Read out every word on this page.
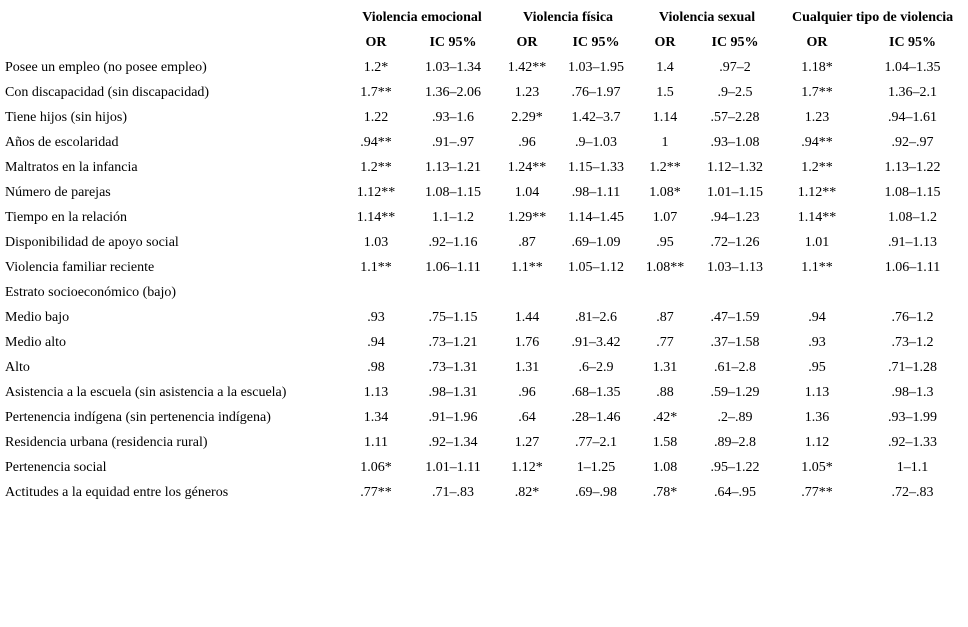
	Violencia emocional		Violencia física		Violencia sexual		Cualquier tipo de violencia	
	OR	IC 95%	OR	IC 95%	OR	IC 95%	OR	IC 95%
Posee un empleo (no posee empleo)	1.2*	1.03–1.34	1.42**	1.03–1.95	1.4	.97–2	1.18*	1.04–1.35
Con discapacidad (sin discapacidad)	1.7**	1.36–2.06	1.23	.76–1.97	1.5	.9–2.5	1.7**	1.36–2.1
Tiene hijos (sin hijos)	1.22	.93–1.6	2.29*	1.42–3.7	1.14	.57–2.28	1.23	.94–1.61
Años de escolaridad	.94**	.91–.97	.96	.9–1.03	1	.93–1.08	.94**	.92–.97
Maltratos en la infancia	1.2**	1.13–1.21	1.24**	1.15–1.33	1.2**	1.12–1.32	1.2**	1.13–1.22
Número de parejas	1.12**	1.08–1.15	1.04	.98–1.11	1.08*	1.01–1.15	1.12**	1.08–1.15
Tiempo en la relación	1.14**	1.1–1.2	1.29**	1.14–1.45	1.07	.94–1.23	1.14**	1.08–1.2
Disponibilidad de apoyo social	1.03	.92–1.16	.87	.69–1.09	.95	.72–1.26	1.01	.91–1.13
Violencia familiar reciente	1.1**	1.06–1.11	1.1**	1.05–1.12	1.08**	1.03–1.13	1.1**	1.06–1.11
Estrato socioeconómico (bajo)								
Medio bajo	.93	.75–1.15	1.44	.81–2.6	.87	.47–1.59	.94	.76–1.2
Medio alto	.94	.73–1.21	1.76	.91–3.42	.77	.37–1.58	.93	.73–1.2
Alto	.98	.73–1.31	1.31	.6–2.9	1.31	.61–2.8	.95	.71–1.28
Asistencia a la escuela (sin asistencia a la escuela)	1.13	.98–1.31	.96	.68–1.35	.88	.59–1.29	1.13	.98–1.3
Pertenencia indígena (sin pertenencia indígena)	1.34	.91–1.96	.64	.28–1.46	.42*	.2–.89	1.36	.93–1.99
Residencia urbana (residencia rural)	1.11	.92–1.34	1.27	.77–2.1	1.58	.89–2.8	1.12	.92–1.33
Pertenencia social	1.06*	1.01–1.11	1.12*	1–1.25	1.08	.95–1.22	1.05*	1–1.1
Actitudes a la equidad entre los géneros	.77**	.71–.83	.82*	.69–.98	.78*	.64–.95	.77**	.72–.83
